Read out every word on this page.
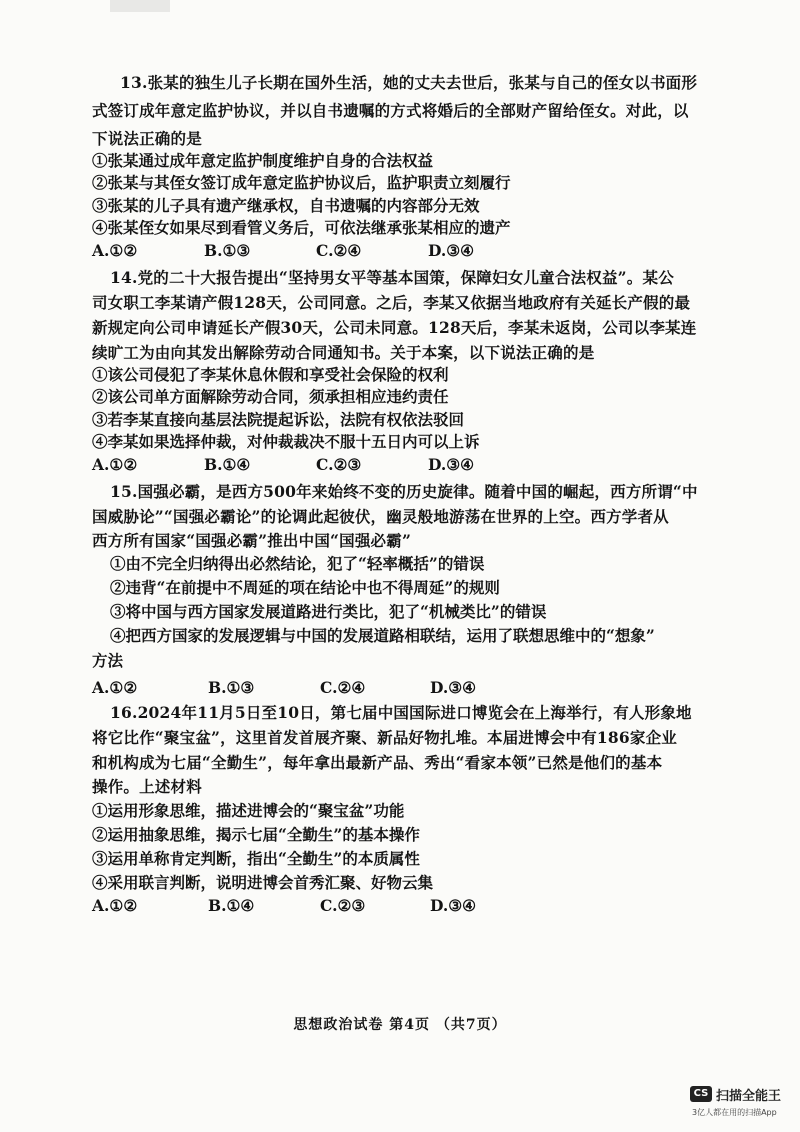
13.张某的独生儿子长期在国外生活，她的丈夫去世后，张某与自己的侄女以书面形
式签订成年意定监护协议，并以自书遗嘱的方式将婚后的全部财产留给侄女。对此，以
下说法正确的是
①张某通过成年意定监护制度维护自身的合法权益
②张某与其侄女签订成年意定监护协议后，监护职责立刻履行
③张某的儿子具有遗产继承权，自书遗嘱的内容部分无效
④张某侄女如果尽到看管义务后，可依法继承张某相应的遗产
A.①②	B.①③	C.②④	D.③④
14.党的二十大报告提出“坚持男女平等基本国策，保障妇女儿童合法权益”。某公
司女职工李某请产假128天，公司同意。之后，李某又依据当地政府有关延长产假的最
新规定向公司申请延长产假30天，公司未同意。128天后，李某未返岗，公司以李某连
续旷工为由向其发出解除劳动合同通知书。关于本案，以下说法正确的是
①该公司侵犯了李某休息休假和享受社会保险的权利
②该公司单方面解除劳动合同，须承担相应违约责任
③若李某直接向基层法院提起诉讼，法院有权依法驳回
④李某如果选择仲裁，对仲裁裁决不服十五日内可以上诉
A.①②	B.①④	C.②③	D.③④
15.国强必霸，是西方500年来始终不变的历史旋律。随着中国的崛起，西方所谓“中
国威胁论”“国强必霸论”的论调此起彼伏，幽灵般地游荡在世界的上空。西方学者从
西方所有国家“国强必霸”推出中国“国强必霸”
①由不完全归纳得出必然结论，犯了“轻率概括”的错误
②违背“在前提中不周延的项在结论中也不得周延”的规则
③将中国与西方国家发展道路进行类比，犯了“机械类比”的错误
④把西方国家的发展逻辑与中国的发展道路相联结，运用了联想思维中的“想象”
方法
A.①②	B.①③	C.②④	D.③④
16.2024年11月5日至10日，第七届中国国际进口博览会在上海举行，有人形象地
将它比作“聚宝盆”，这里首发首展齐聚、新品好物扎堆。本届进博会中有186家企业
和机构成为七届“全勤生”，每年拿出最新产品、秀出“看家本领”已然是他们的基本
操作。上述材料
①运用形象思维，描述进博会的“聚宝盆”功能
②运用抽象思维，揭示七届“全勤生”的基本操作
③运用单称肯定判断，指出“全勤生”的本质属性
④采用联言判断，说明进博会首秀汇聚、好物云集
A.①②	B.①④	C.②③	D.③④
思想政治试卷 第4页 （共7页）
CS 扫描全能王
3亿人都在用的扫描App
